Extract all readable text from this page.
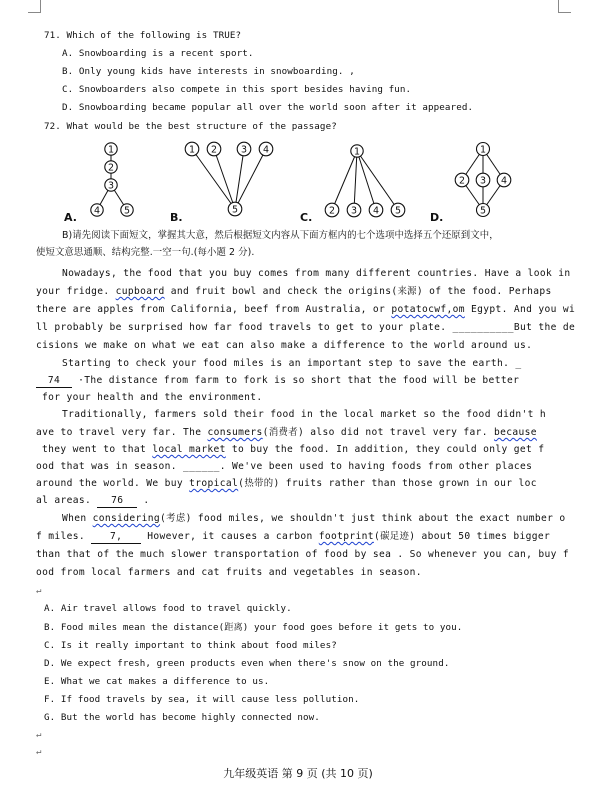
71. Which of the following is TRUE?
A. Snowboarding is a recent sport.
B. Only young kids have interests in snowboarding. ,
C. Snowboarders also compete in this sport besides having fun.
D. Snowboarding became popular all over the world soon after it appeared.
72. What would be the best structure of the passage?
1
2
3
4	5
1 2	3 4
5
1
2 3 4 5
1
2 3 4
5
A.	B.	C.	D.
B)请先阅读下面短文，掌握其大意，然后根据短文内容从下面方框内的七个选项中选择五个还原到文中，
使短文意思通顺、结构完整.一空一句.(每小题 2 分).
Nowadays, the food that you buy comes from many different countries. Have a look in
your fridge. cupboard and fruit bowl and check the origins(来源) of the food. Perhaps
there are apples from California, beef from Australia, or potatocwf,om Egypt. And you wi
ll probably be surprised how far food travels to get to your plate. __________But the de
cisions we make on what we eat can also make a difference to the world around us.
Starting to check your food miles is an important step to save the earth. _
74 ·The distance from farm to fork is so short that the food will be better
for your health and the environment.
Traditionally, farmers sold their food in the local market so the food didn't h
ave to travel very far. The consumers(消费者) also did not travel very far. because
they went to that local market to buy the food. In addition, they could only get f
ood that was in season. ______. We've been used to having foods from other places
around the world. We buy tropical(热带的) fruits rather than those grown in our loc
al areas. 76 .
When considering(考虑) food miles, we shouldn't just think about the exact number o
f miles. 7, However, it causes a carbon footprint(碳足迹) about 50 times bigger
than that of the much slower transportation of food by sea . So whenever you can, buy f
ood from local farmers and cat fruits and vegetables in season.
↵
A. Air travel allows food to travel quickly.
B. Food miles mean the distance(距离) your food goes before it gets to you.
C. Is it really important to think about food miles?
D. We expect fresh, green products even when there's snow on the ground.
E. What we cat makes a difference to us.
F. If food travels by sea, it will cause less pollution.
G. But the world has become highly connected now.
↵
↵
九年级英语 第 9 页 (共 10 页)
